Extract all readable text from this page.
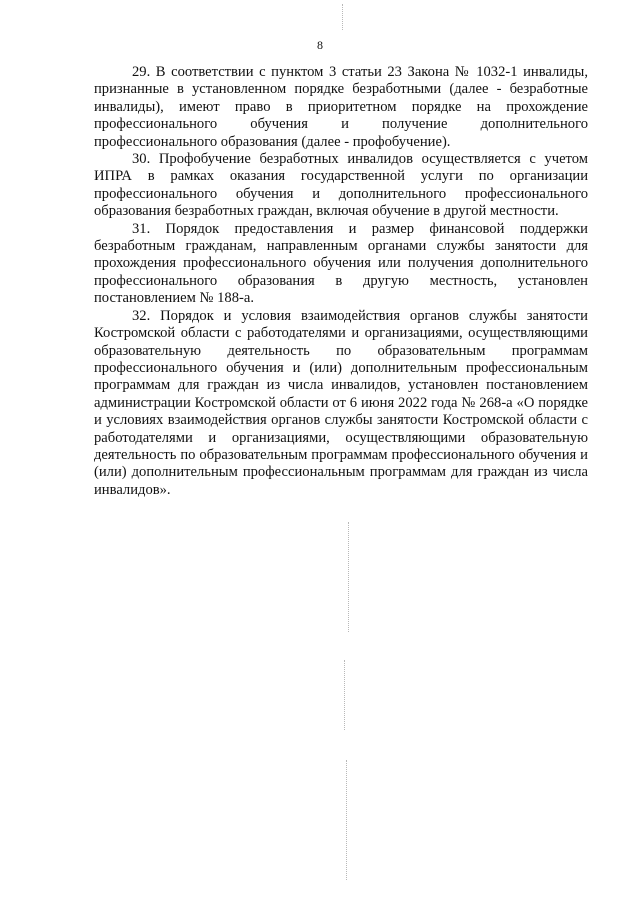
8

29. В соответствии с пунктом 3 статьи 23 Закона № 1032-1 инвалиды, признанные в установленном порядке безработными (далее - безработные инвалиды), имеют право в приоритетном порядке на прохождение профессионального обучения и получение дополнительного профессионального образования (далее - профобучение).

30. Профобучение безработных инвалидов осуществляется с учетом ИПРА в рамках оказания государственной услуги по организации профессионального обучения и дополнительного профессионального образования безработных граждан, включая обучение в другой местности.

31. Порядок предоставления и размер финансовой поддержки безработным гражданам, направленным органами службы занятости для прохождения профессионального обучения или получения дополнительного профессионального образования в другую местность, установлен постановлением № 188-а.

32. Порядок и условия взаимодействия органов службы занятости Костромской области с работодателями и организациями, осуществляющими образовательную деятельность по образовательным программам профессионального обучения и (или) дополнительным профессиональным программам для граждан из числа инвалидов, установлен постановлением администрации Костромской области от 6 июня 2022 года № 268-а «О порядке и условиях взаимодействия органов службы занятости Костромской области с работодателями и организациями, осуществляющими образовательную деятельность по образовательным программам профессионального обучения и (или) дополнительным профессиональным программам для граждан из числа инвалидов».
